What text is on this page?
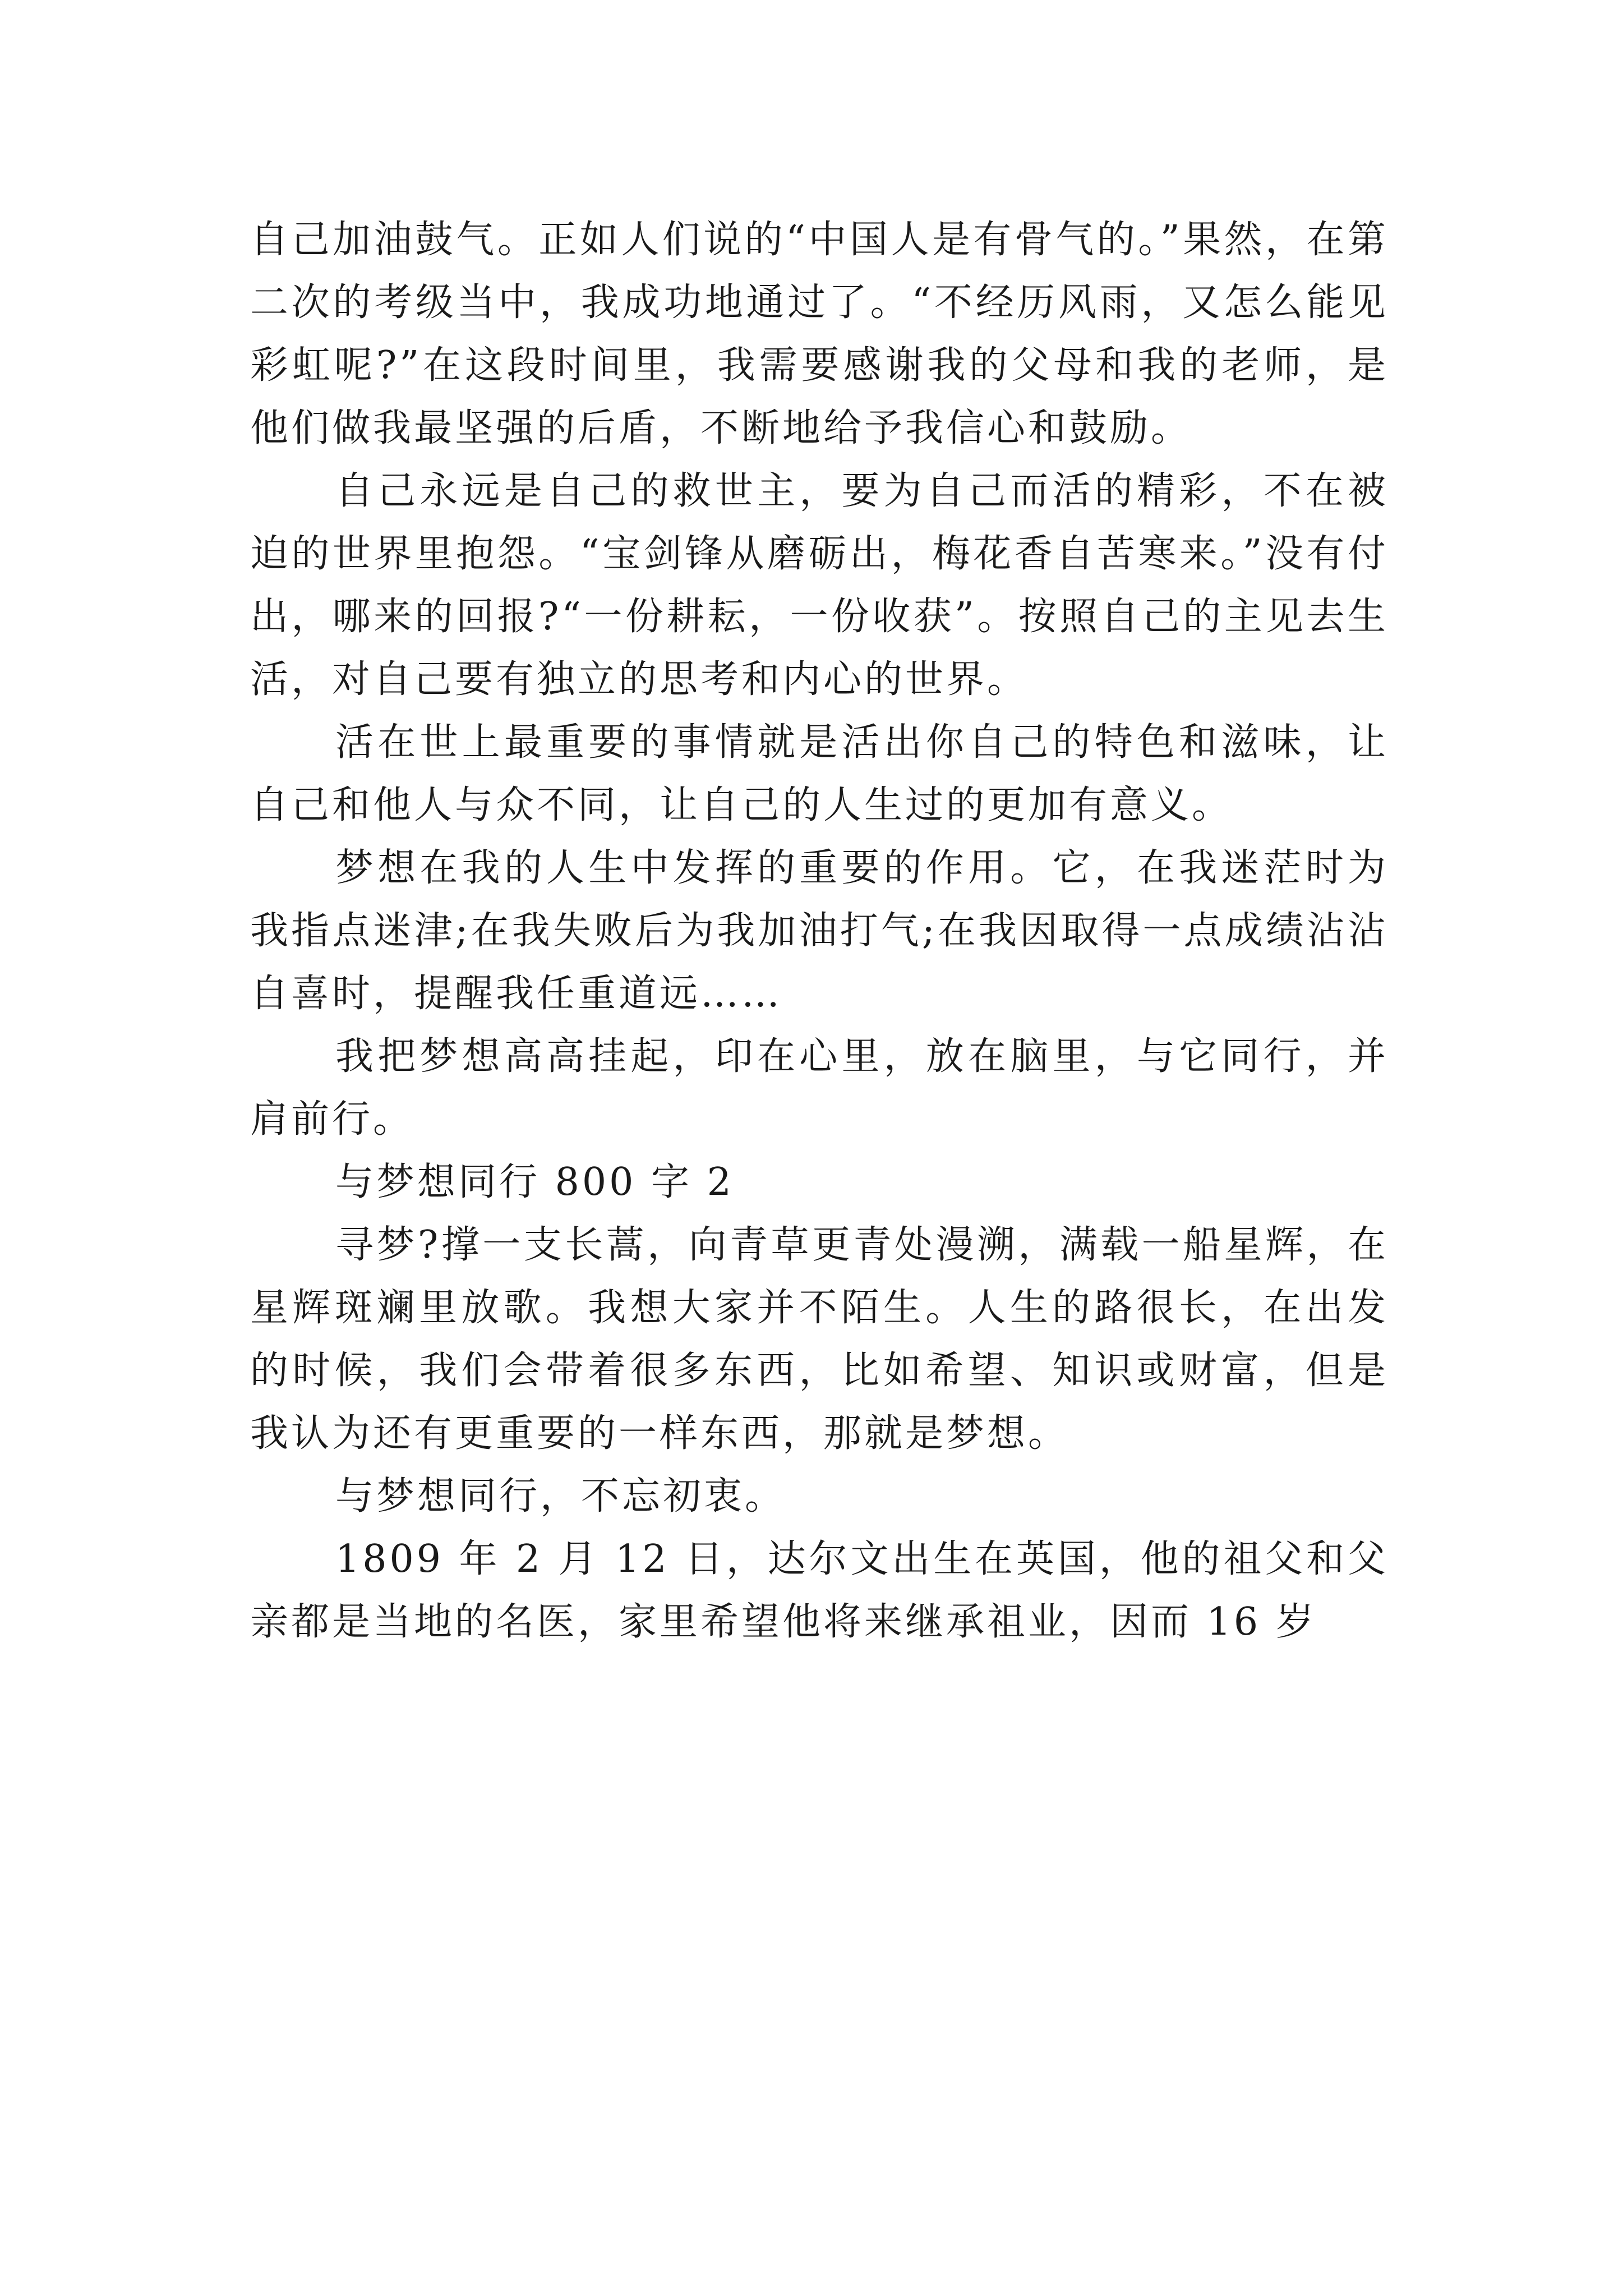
自己加油鼓气。正如人们说的“中国人是有骨气的。”果然，在第二次的考级当中，我成功地通过了。“不经历风雨，又怎么能见彩虹呢?”在这段时间里，我需要感谢我的父母和我的老师，是他们做我最坚强的后盾，不断地给予我信心和鼓励。

自己永远是自己的救世主，要为自己而活的精彩，不在被迫的世界里抱怨。“宝剑锋从磨砺出，梅花香自苦寒来。”没有付出，哪来的回报?“一份耕耘，一份收获”。按照自己的主见去生活，对自己要有独立的思考和内心的世界。

活在世上最重要的事情就是活出你自己的特色和滋味，让自己和他人与众不同，让自己的人生过的更加有意义。

梦想在我的人生中发挥的重要的作用。它，在我迷茫时为我指点迷津;在我失败后为我加油打气;在我因取得一点成绩沾沾自喜时，提醒我任重道远……

我把梦想高高挂起，印在心里，放在脑里，与它同行，并肩前行。

与梦想同行 800 字 2

寻梦?撑一支长蒿，向青草更青处漫溯，满载一船星辉，在星辉斑斓里放歌。我想大家并不陌生。人生的路很长，在出发的时候，我们会带着很多东西，比如希望、知识或财富，但是我认为还有更重要的一样东西，那就是梦想。

与梦想同行，不忘初衷。

1809 年 2 月 12 日，达尔文出生在英国，他的祖父和父亲都是当地的名医，家里希望他将来继承祖业，因而 16 岁
